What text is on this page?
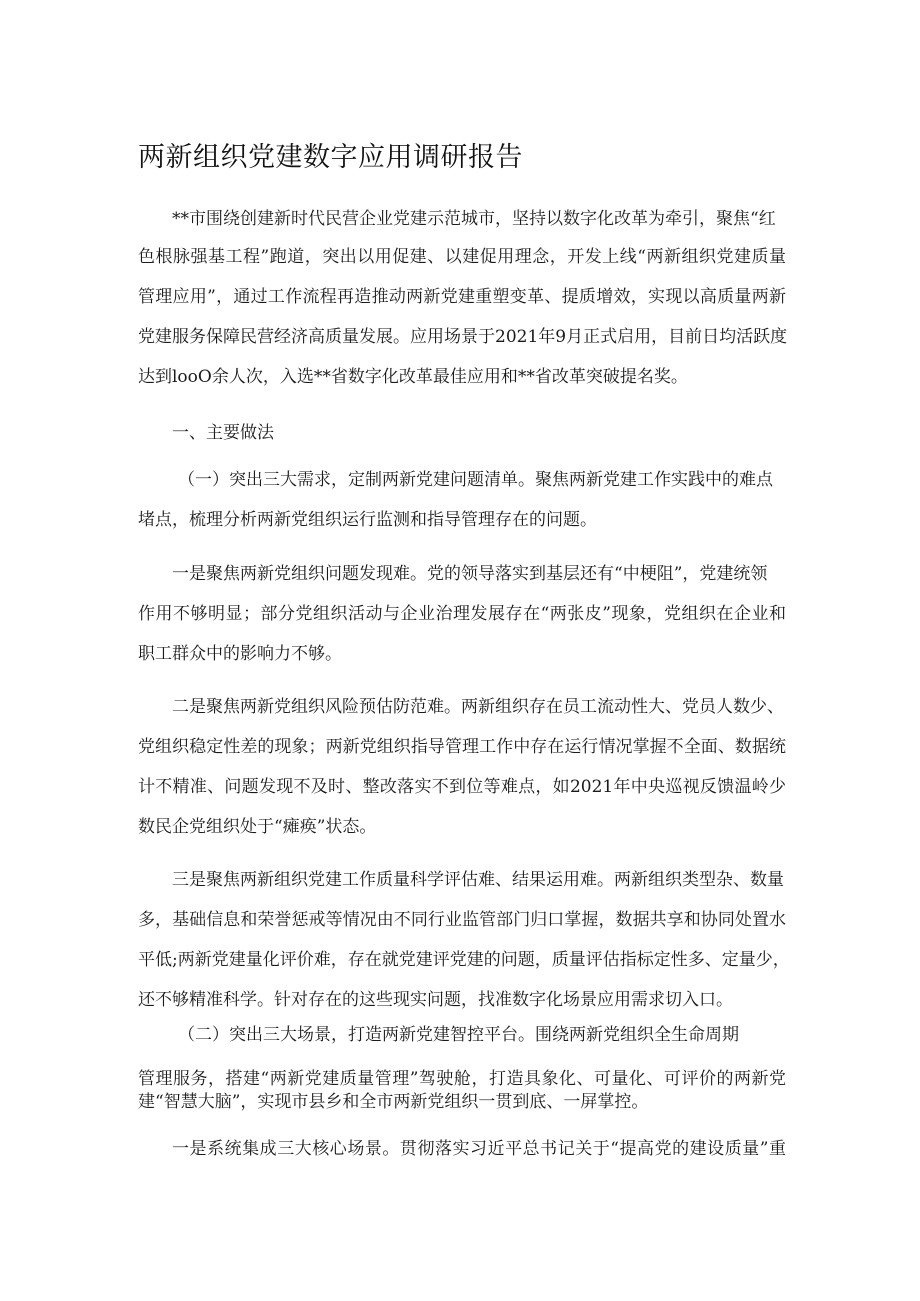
两新组织党建数字应用调研报告
**市围绕创建新时代民营企业党建示范城市，坚持以数字化改革为牵引，聚焦“红
色根脉强基工程”跑道，突出以用促建、以建促用理念，开发上线“两新组织党建质量
管理应用”，通过工作流程再造推动两新党建重塑变革、提质增效，实现以高质量两新
党建服务保障民营经济高质量发展。应用场景于2021年9月正式启用，目前日均活跃度
达到looO余人次，入选**省数字化改革最佳应用和**省改革突破提名奖。
一、主要做法
（一）突出三大需求，定制两新党建问题清单。聚焦两新党建工作实践中的难点
堵点，梳理分析两新党组织运行监测和指导管理存在的问题。
一是聚焦两新党组织问题发现难。党的领导落实到基层还有“中梗阻”，党建统领
作用不够明显；部分党组织活动与企业治理发展存在“两张皮”现象，党组织在企业和
职工群众中的影响力不够。
二是聚焦两新党组织风险预估防范难。两新组织存在员工流动性大、党员人数少、
党组织稳定性差的现象；两新党组织指导管理工作中存在运行情况掌握不全面、数据统
计不精准、问题发现不及时、整改落实不到位等难点，如2021年中央巡视反馈温岭少
数民企党组织处于“瘫痪”状态。
三是聚焦两新组织党建工作质量科学评估难、结果运用难。两新组织类型杂、数量
多，基础信息和荣誉惩戒等情况由不同行业监管部门归口掌握，数据共享和协同处置水
平低;两新党建量化评价难，存在就党建评党建的问题，质量评估指标定性多、定量少，
还不够精准科学。针对存在的这些现实问题，找准数字化场景应用需求切入口。
（二）突出三大场景，打造两新党建智控平台。围绕两新党组织全生命周期
管理服务，搭建“两新党建质量管理”驾驶舱，打造具象化、可量化、可评价的两新党
建“智慧大脑”，实现市县乡和全市两新党组织一贯到底、一屏掌控。
一是系统集成三大核心场景。贯彻落实习近平总书记关于“提高党的建设质量”重
